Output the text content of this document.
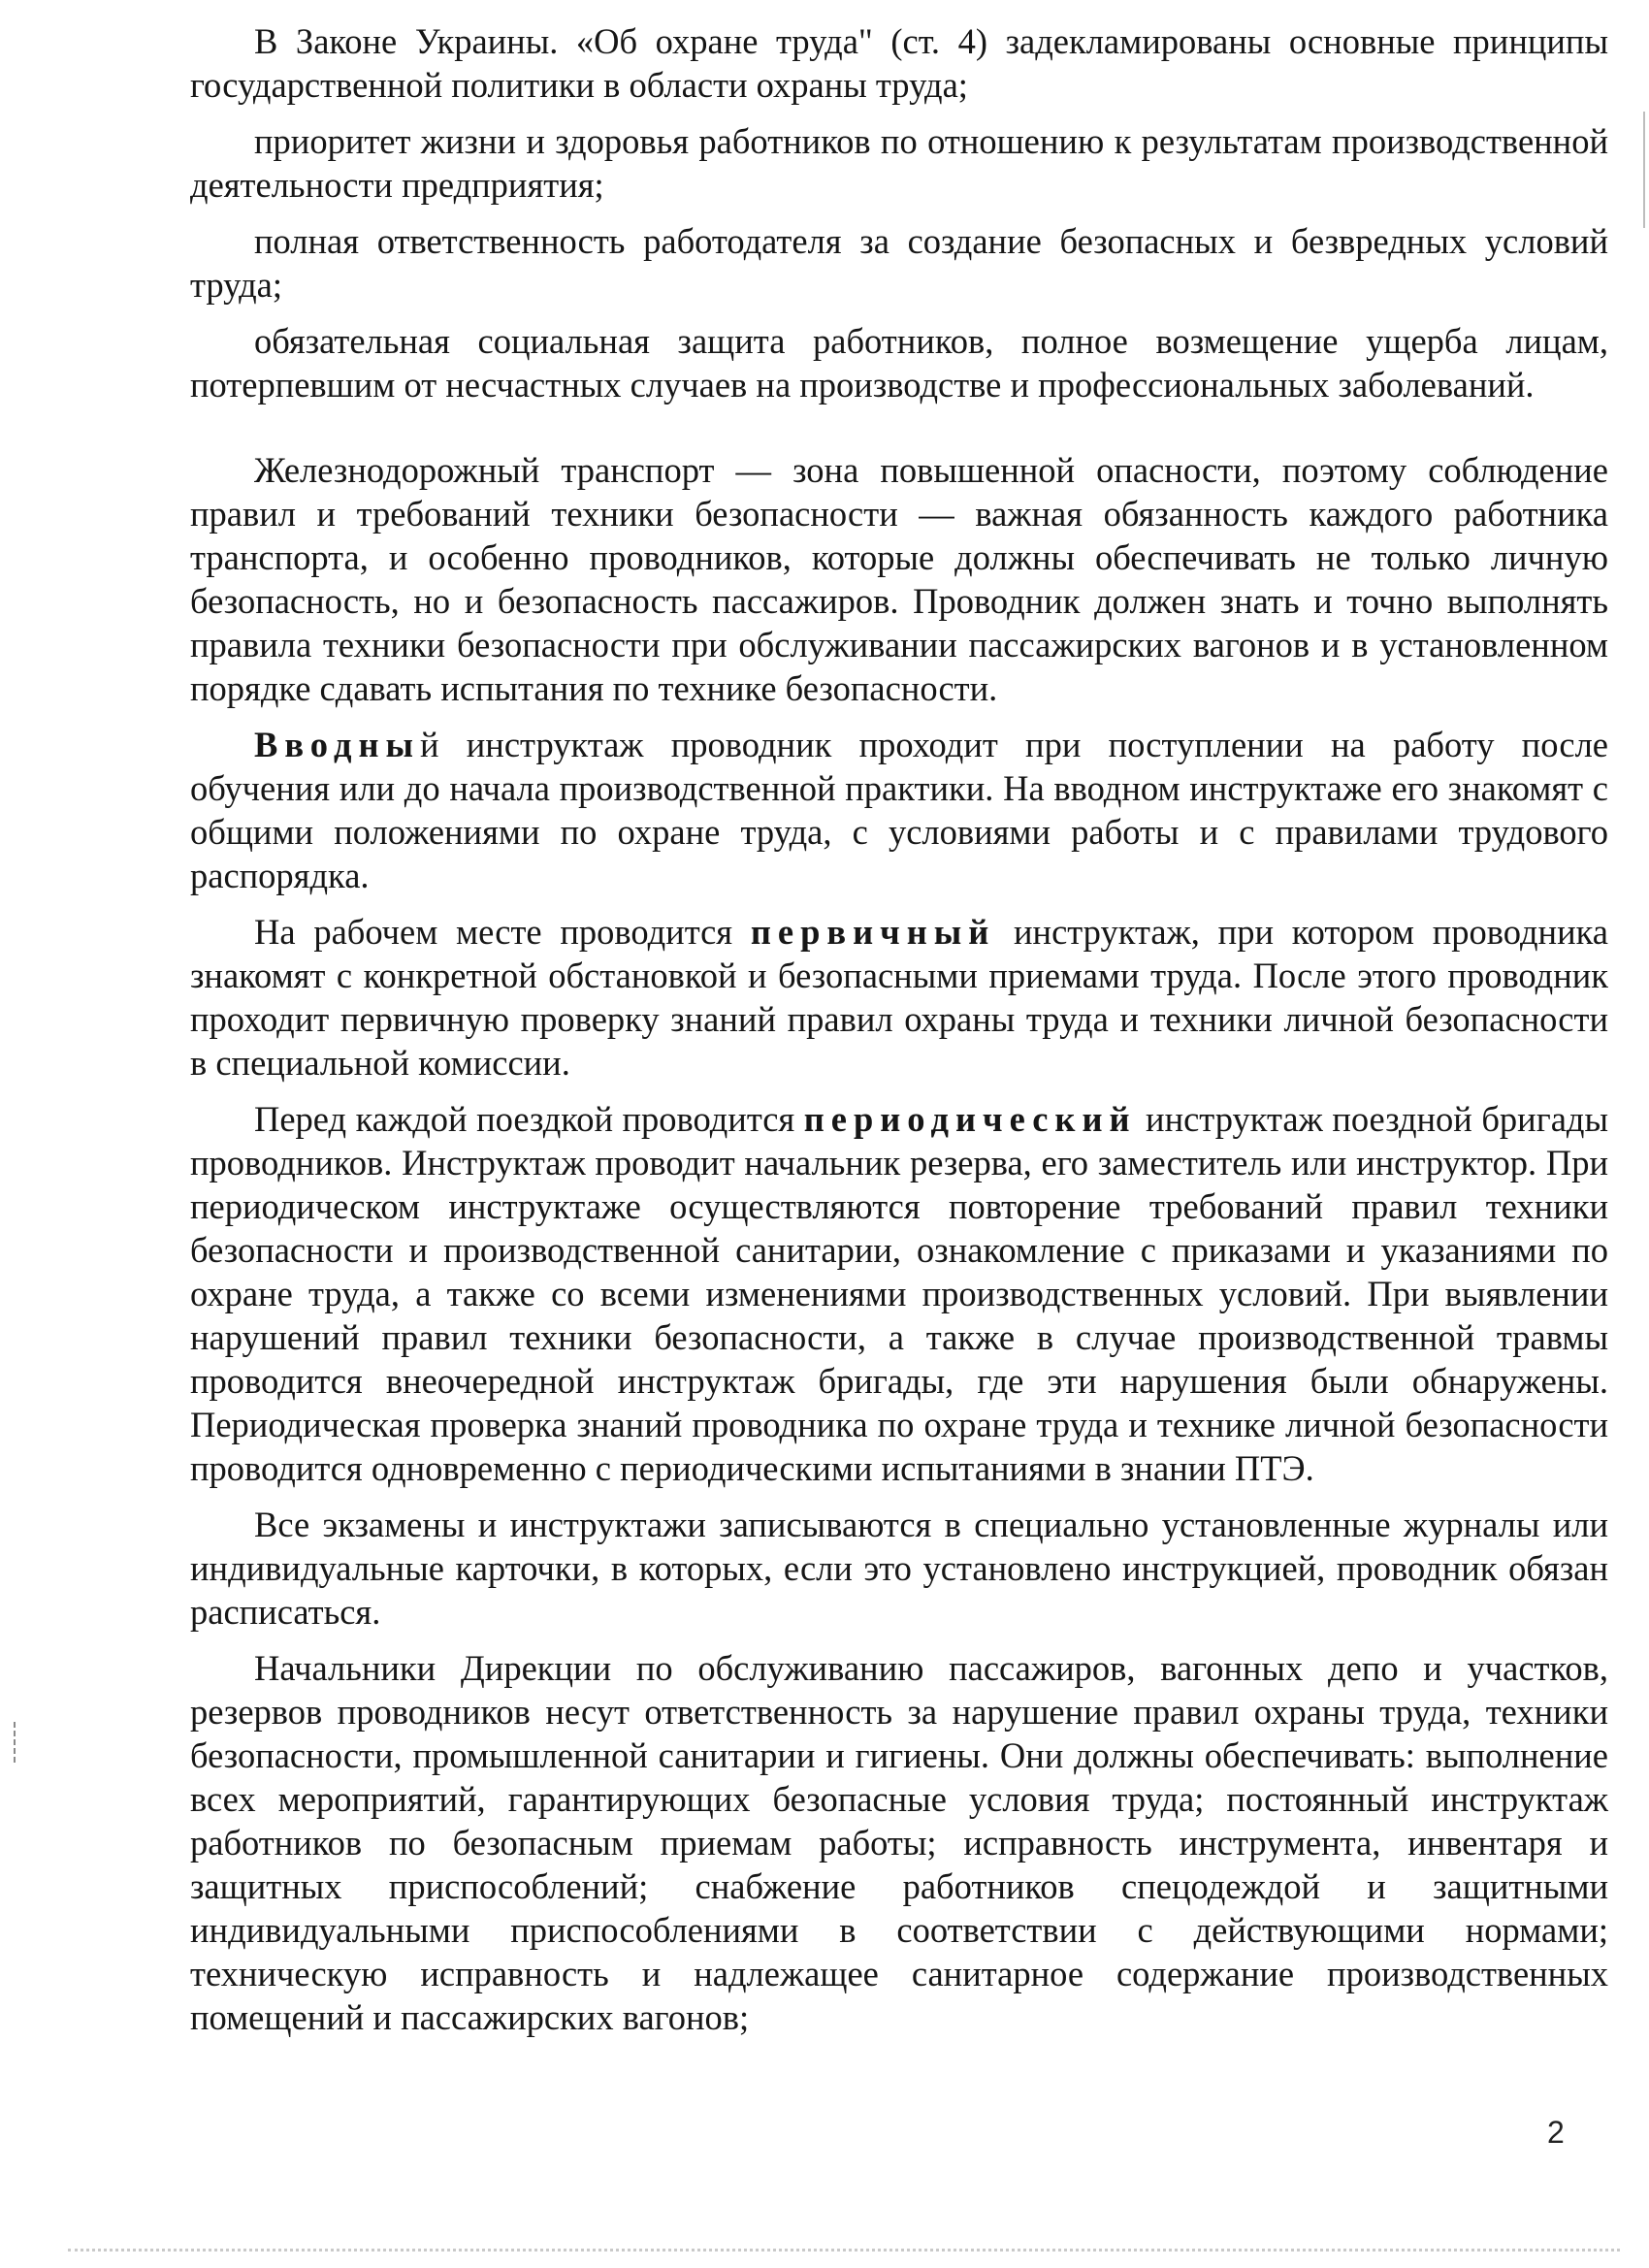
В Законе Украины. «Об охране труда" (ст. 4) задекламированы основные принципы государственной политики в области охраны труда;

приоритет жизни и здоровья работников по отношению к результатам производственной деятельности предприятия;

полная ответственность работодателя за создание безопасных и безвредных условий труда;

обязательная социальная защита работников, полное возмещение ущерба лицам, потерпевшим от несчастных случаев на производстве и профессиональных заболеваний.

Железнодорожный транспорт — зона повышенной опасности, поэтому соблюдение правил и требований техники безопасности — важная обязанность каждого работника транспорта, и особенно проводников, которые должны обеспечивать не только личную безопасность, но и безопасность пассажиров. Проводник должен знать и точно выполнять правила техники безопасности при обслуживании пассажирских вагонов и в установленном порядке сдавать испытания по технике безопасности.

Вводный инструктаж проводник проходит при поступлении на работу после обучения или до начала производственной практики. На вводном инструктаже его знакомят с общими положениями по охране труда, с условиями работы и с правилами трудового распорядка.

На рабочем месте проводится первичный инструктаж, при котором проводника знакомят с конкретной обстановкой и безопасными приемами труда. После этого проводник проходит первичную проверку знаний правил охраны труда и техники личной безопасности в специальной комиссии.

Перед каждой поездкой проводится периодический инструктаж поездной бригады проводников. Инструктаж проводит начальник резерва, его заместитель или инструктор. При периодическом инструктаже осуществляются повторение требований правил техники безопасности и производственной санитарии, ознакомление с приказами и указаниями по охране труда, а также со всеми изменениями производственных условий. При выявлении нарушений правил техники безопасности, а также в случае производственной травмы проводится внеочередной инструктаж бригады, где эти нарушения были обнаружены. Периодическая проверка знаний проводника по охране труда и технике личной безопасности проводится одновременно с периодическими испытаниями в знании ПТЭ.

Все экзамены и инструктажи записываются в специально установленные журналы или индивидуальные карточки, в которых, если это установлено инструкцией, проводник обязан расписаться.

Начальники Дирекции по обслуживанию пассажиров, вагонных депо и участков, резервов проводников несут ответственность за нарушение правил охраны труда, техники безопасности, промышленной санитарии и гигиены. Они должны обеспечивать: выполнение всех мероприятий, гарантирующих безопасные условия труда; постоянный инструктаж работников по безопасным приемам работы; исправность инструмента, инвентаря и защитных приспособлений; снабжение работников спецодеждой и защитными индивидуальными приспособлениями в соответствии с действующими нормами; техническую исправность и надлежащее санитарное содержание производственных помещений и пассажирских вагонов;

2
